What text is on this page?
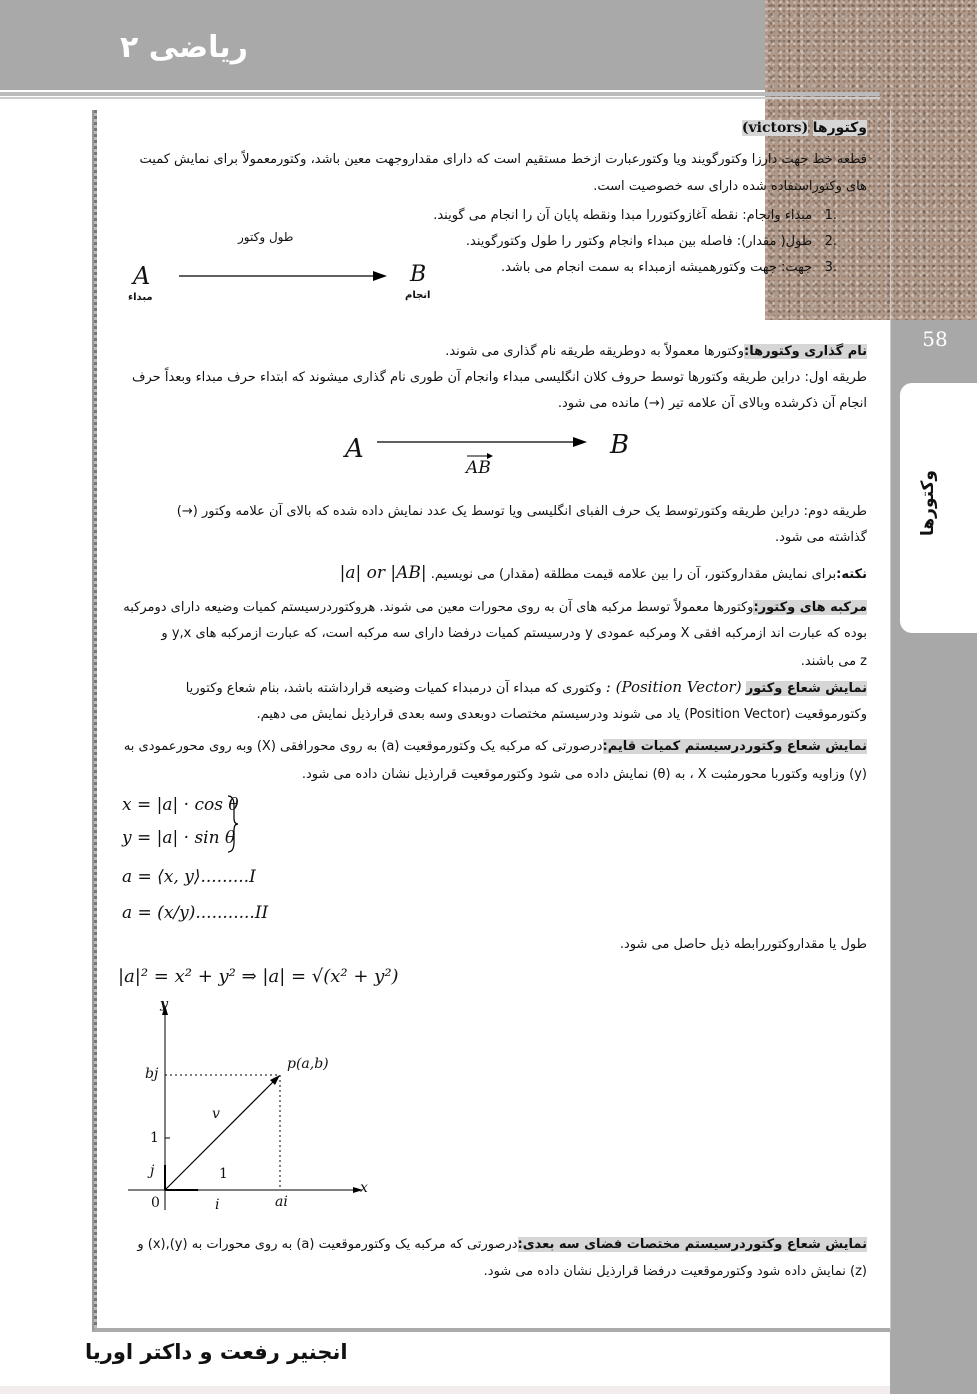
ریاضی ۲
58
وکتورها
وکتورها (victors)
قطعه خط جهت دارزا وکتورگویند ویا وکتورعبارت ازخط مستقیم است که دارای مقداروجهت معین باشد، وکتورمعمولاً برای نمایش کمیت های وکتوراستفاده شده دارای سه خصوصیت است.
.1   مبداء وانجام: نقطه آغازوکتوررا مبدا ونقطه پایان آن را انجام می گویند.
.2   طول( مقدار): فاصله بین مبداء وانجام وکتور را طول وکتورگویند.
.3   جهت: جهت وکتورهمیشه ازمبداء به سمت انجام می باشد.
طول وکتور
A
مبداء
B
انجام
نام گذاری وکتورها:وکتورها معمولاً به دوطریقه طریقه نام گذاری می شوند.
طریقه اول: دراین طریقه وکتورها توسط حروف کلان انگلیسی مبداء وانجام آن طوری نام گذاری میشوند که ابتداء حرف مبداء وبعداً حرف
انجام آن ذکرشده وبالای آن علامه تیر (→) مانده می شود.
A	B
AB
طریقه دوم: دراین طریقه وکتورتوسط یک حرف الفبای انگلیسی ویا توسط یک عدد نمایش داده شده که بالای آن علامه وکتور (→)
گذاشته می شود.
نکته:برای نمایش مقداروکتور، آن را بین علامه قیمت مطلقه (مقدار) می نویسیم. |a| or |AB|
مرکبه های وکتور:وکتورها معمولاً توسط مرکبه های آن به روی محورات معین می شوند. هروکتوردرسیستم کمیات وضیعه دارای دومرکبه
بوده که عبارت اند ازمرکبه افقی X ومرکبه عمودی y ودرسیستم کمیات درفضا دارای سه مرکبه است، که عبارت ازمرکبه های y,x و
z می باشند.
نمایش شعاع وکتور (Position Vector) : وکتوری که مبداء آن درمبداء کمیات وضیعه قرارداشته باشد، بنام شعاع وکتوریا
وکتورموقعیت (Position Vector) یاد می شوند ودرسیستم مختصات دوبعدی وسه بعدی قرارذیل نمایش می دهیم.
نمایش شعاع وکتوردرسیستم کمیات قایم:درصورتی که مرکبه یک وکتورموقعیت (a) به روی محورافقی (X) وبه روی محورعمودی به
(y) وزاویه وکتوربا محورمثبت X ، به (θ) نمایش داده می شود وکتورموقعیت قرارذیل نشان داده می شود.
x = |a| · cos θ
y = |a| · sin θ
a = ⟨x, y⟩.........I
a = (x/y)...........II
طول یا مقداروکتوررابطه ذیل حاصل می شود.
|a|² = x² + y² ⇒ |a| = √(x² + y²)
y
x
bj
1
j
0	i	ai
1
v
p(a,b)
نمایش شعاع وکتوردرسیستم مختصات فضای سه بعدی:درصورتی که مرکبه یک وکتورموقعیت (a) به روی محورات به (y),(x) و
(z) نمایش داده شود وکتورموقعیت درفضا قرارذیل نشان داده می شود.
انجنیر رفعت و داکتر اوریا
